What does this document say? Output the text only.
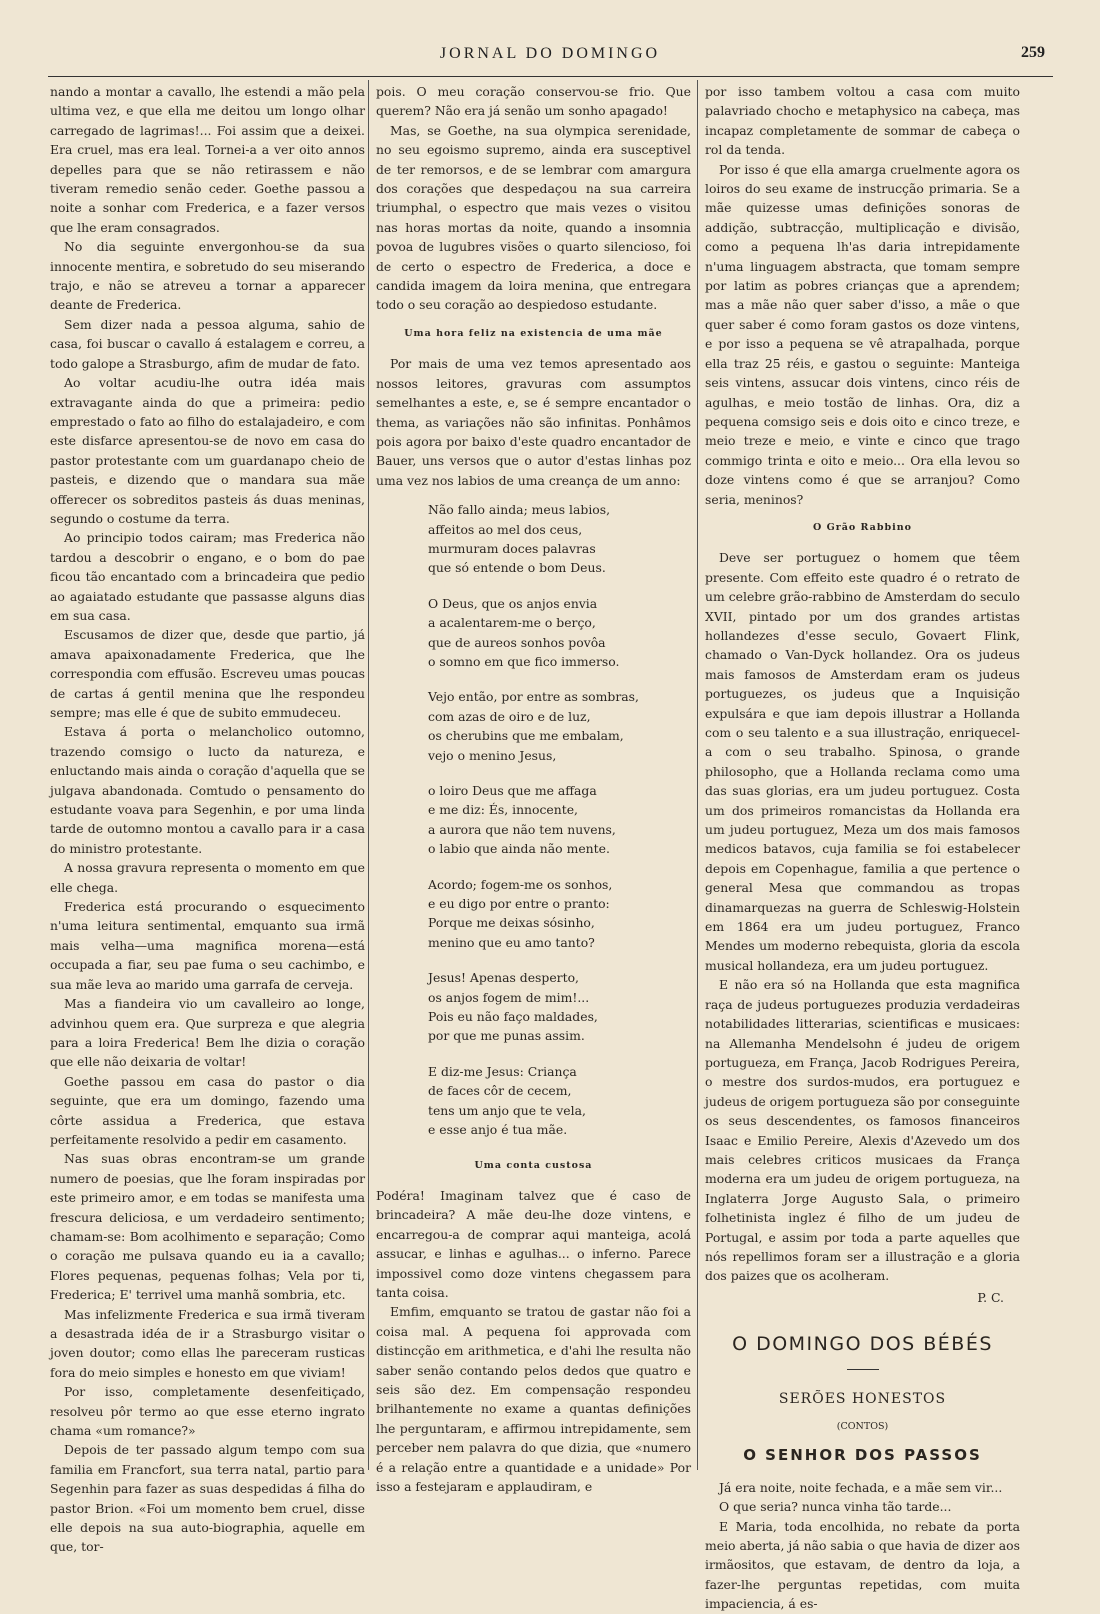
JORNAL DO DOMINGO	259

nando a montar a cavallo, lhe estendi a mão pela ultima vez, e que ella me deitou um longo olhar carregado de lagrimas!... Foi assim que a deixei. Era cruel, mas era leal. Tornei-a a ver oito annos depelles para que se não retirassem e não tiveram remedio senão ceder. Goethe passou a noite a sonhar com Frederica, e a fazer versos que lhe eram consagrados.

No dia seguinte envergonhou-se da sua innocente mentira, e sobretudo do seu miserando trajo, e não se atreveu a tornar a apparecer deante de Frederica.

Sem dizer nada a pessoa alguma, sahio de casa, foi buscar o cavallo á estalagem e correu, a todo galope a Strasburgo, afim de mudar de fato.

Ao voltar acudiu-lhe outra idéa mais extravagante ainda do que a primeira: pedio emprestado o fato ao filho do estalajadeiro, e com este disfarce apresentou-se de novo em casa do pastor protestante com um guardanapo cheio de pasteis, e dizendo que o mandara sua mãe offerecer os sobreditos pasteis ás duas meninas, segundo o costume da terra.

Ao principio todos cairam; mas Frederica não tardou a descobrir o engano, e o bom do pae ficou tão encantado com a brincadeira que pedio ao agaiatado estudante que passasse alguns dias em sua casa.

Escusamos de dizer que, desde que partio, já amava apaixonadamente Frederica, que lhe correspondia com effusão. Escreveu umas poucas de cartas á gentil menina que lhe respondeu sempre; mas elle é que de subito emmudeceu.

Estava á porta o melancholico outomno, trazendo comsigo o lucto da natureza, e enluctando mais ainda o coração d'aquella que se julgava abandonada. Comtudo o pensamento do estudante voava para Segenhin, e por uma linda tarde de outomno montou a cavallo para ir a casa do ministro protestante.

A nossa gravura representa o momento em que elle chega.

Frederica está procurando o esquecimento n'uma leitura sentimental, emquanto sua irmã mais velha—uma magnifica morena—está occupada a fiar, seu pae fuma o seu cachimbo, e sua mãe leva ao marido uma garrafa de cerveja.

Mas a fiandeira vio um cavalleiro ao longe, advinhou quem era. Que surpreza e que alegria para a loira Frederica! Bem lhe dizia o coração que elle não deixaria de voltar!

Goethe passou em casa do pastor o dia seguinte, que era um domingo, fazendo uma côrte assidua a Frederica, que estava perfeitamente resolvido a pedir em casamento.

Nas suas obras encontram-se um grande numero de poesias, que lhe foram inspiradas por este primeiro amor, e em todas se manifesta uma frescura deliciosa, e um verdadeiro sentimento; chamam-se: Bom acolhimento e separação; Como o coração me pulsava quando eu ia a cavallo; Flores pequenas, pequenas folhas; Vela por ti, Frederica; E' terrivel uma manhã sombria, etc.

Mas infelizmente Frederica e sua irmã tiveram a desastrada idéa de ir a Strasburgo visitar o joven doutor; como ellas lhe pareceram rusticas fora do meio simples e honesto em que viviam!

Por isso, completamente desenfeitiçado, resolveu pôr termo ao que esse eterno ingrato chama «um romance?»

Depois de ter passado algum tempo com sua familia em Francfort, sua terra natal, partio para Segenhin para fazer as suas despedidas á filha do pastor Brion. «Foi um momento bem cruel, disse elle depois na sua auto-biographia, aquelle em que, tor-

pois. O meu coração conservou-se frio. Que querem? Não era já senão um sonho apagado!

Mas, se Goethe, na sua olympica serenidade, no seu egoismo supremo, ainda era susceptivel de ter remorsos, e de se lembrar com amargura dos corações que despedaçou na sua carreira triumphal, o espectro que mais vezes o visitou nas horas mortas da noite, quando a insomnia povoa de lugubres visões o quarto silencioso, foi de certo o espectro de Frederica, a doce e candida imagem da loira menina, que entregara todo o seu coração ao despiedoso estudante.

Uma hora feliz na existencia de uma mãe

Por mais de uma vez temos apresentado aos nossos leitores, gravuras com assumptos semelhantes a este, e, se é sempre encantador o thema, as variações não são infinitas. Ponhâmos pois agora por baixo d'este quadro encantador de Bauer, uns versos que o autor d'estas linhas poz uma vez nos labios de uma creança de um anno:

Não fallo ainda; meus labios,
affeitos ao mel dos ceus,
murmuram doces palavras
que só entende o bom Deus.
O Deus, que os anjos envia
a acalentarem-me o berço,
que de aureos sonhos povôa
o somno em que fico immerso.
Vejo então, por entre as sombras,
com azas de oiro e de luz,
os cherubins que me embalam,
vejo o menino Jesus,
o loiro Deus que me affaga
e me diz: És, innocente,
a aurora que não tem nuvens,
o labio que ainda não mente.
Acordo; fogem-me os sonhos,
e eu digo por entre o pranto:
Porque me deixas sósinho,
menino que eu amo tanto?
Jesus! Apenas desperto,
os anjos fogem de mim!...
Pois eu não faço maldades,
por que me punas assim.
E diz-me Jesus: Criança
de faces côr de cecem,
tens um anjo que te vela,
e esse anjo é tua mãe.
Uma conta custosa

Podéra! Imaginam talvez que é caso de brincadeira? A mãe deu-lhe doze vintens, e encarregou-a de comprar aqui manteiga, acolá assucar, e linhas e agulhas... o inferno. Parece impossivel como doze vintens chegassem para tanta coisa.

Emfim, emquanto se tratou de gastar não foi a coisa mal. A pequena foi approvada com distincção em arithmetica, e d'ahi lhe resulta não saber senão contando pelos dedos que quatro e seis são dez. Em compensação respondeu brilhantemente no exame a quantas definições lhe perguntaram, e affirmou intrepidamente, sem perceber nem palavra do que dizia, que «numero é a relação entre a quantidade e a unidade» Por isso a festejaram e applaudiram, e

por isso tambem voltou a casa com muito palavriado chocho e metaphysico na cabeça, mas incapaz completamente de sommar de cabeça o rol da tenda.

Por isso é que ella amarga cruelmente agora os loiros do seu exame de instrucção primaria. Se a mãe quizesse umas definições sonoras de addição, subtracção, multiplicação e divisão, como a pequena lh'as daria intrepidamente n'uma linguagem abstracta, que tomam sempre por latim as pobres crianças que a aprendem; mas a mãe não quer saber d'isso, a mãe o que quer saber é como foram gastos os doze vintens, e por isso a pequena se vê atrapalhada, porque ella traz 25 réis, e gastou o seguinte: Manteiga seis vintens, assucar dois vintens, cinco réis de agulhas, e meio tostão de linhas. Ora, diz a pequena comsigo seis e dois oito e cinco treze, e meio treze e meio, e vinte e cinco que trago commigo trinta e oito e meio... Ora ella levou so doze vintens como é que se arranjou? Como seria, meninos?

O Grão Rabbino

Deve ser portuguez o homem que têem presente. Com effeito este quadro é o retrato de um celebre grão-rabbino de Amsterdam do seculo XVII, pintado por um dos grandes artistas hollandezes d'esse seculo, Govaert Flink, chamado o Van-Dyck hollandez. Ora os judeus mais famosos de Amsterdam eram os judeus portuguezes, os judeus que a Inquisição expulsára e que iam depois illustrar a Hollanda com o seu talento e a sua illustração, enriquecel-a com o seu trabalho. Spinosa, o grande philosopho, que a Hollanda reclama como uma das suas glorias, era um judeu portuguez. Costa um dos primeiros romancistas da Hollanda era um judeu portuguez, Meza um dos mais famosos medicos batavos, cuja familia se foi estabelecer depois em Copenhague, familia a que pertence o general Mesa que commandou as tropas dinamarquezas na guerra de Schleswig-Holstein em 1864 era um judeu portuguez, Franco Mendes um moderno rebequista, gloria da escola musical hollandeza, era um judeu portuguez.

E não era só na Hollanda que esta magnifica raça de judeus portuguezes produzia verdadeiras notabilidades litterarias, scientificas e musicaes: na Allemanha Mendelsohn é judeu de origem portugueza, em França, Jacob Rodrigues Pereira, o mestre dos surdos-mudos, era portuguez e judeus de origem portugueza são por conseguinte os seus descendentes, os famosos financeiros Isaac e Emilio Pereire, Alexis d'Azevedo um dos mais celebres criticos musicaes da França moderna era um judeu de origem portugueza, na Inglaterra Jorge Augusto Sala, o primeiro folhetinista inglez é filho de um judeu de Portugal, e assim por toda a parte aquelles que nós repellimos foram ser a illustração e a gloria dos paizes que os acolheram.

P. C.
O DOMINGO DOS BÉBÉS
SERÕES HONESTOS
(CONTOS)
O SENHOR DOS PASSOS

Já era noite, noite fechada, e a mãe sem vir...

O que seria? nunca vinha tão tarde...

E Maria, toda encolhida, no rebate da porta meio aberta, já não sabia o que havia de dizer aos irmãositos, que estavam, de dentro da loja, a fazer-lhe perguntas repetidas, com muita impaciencia, á es-
